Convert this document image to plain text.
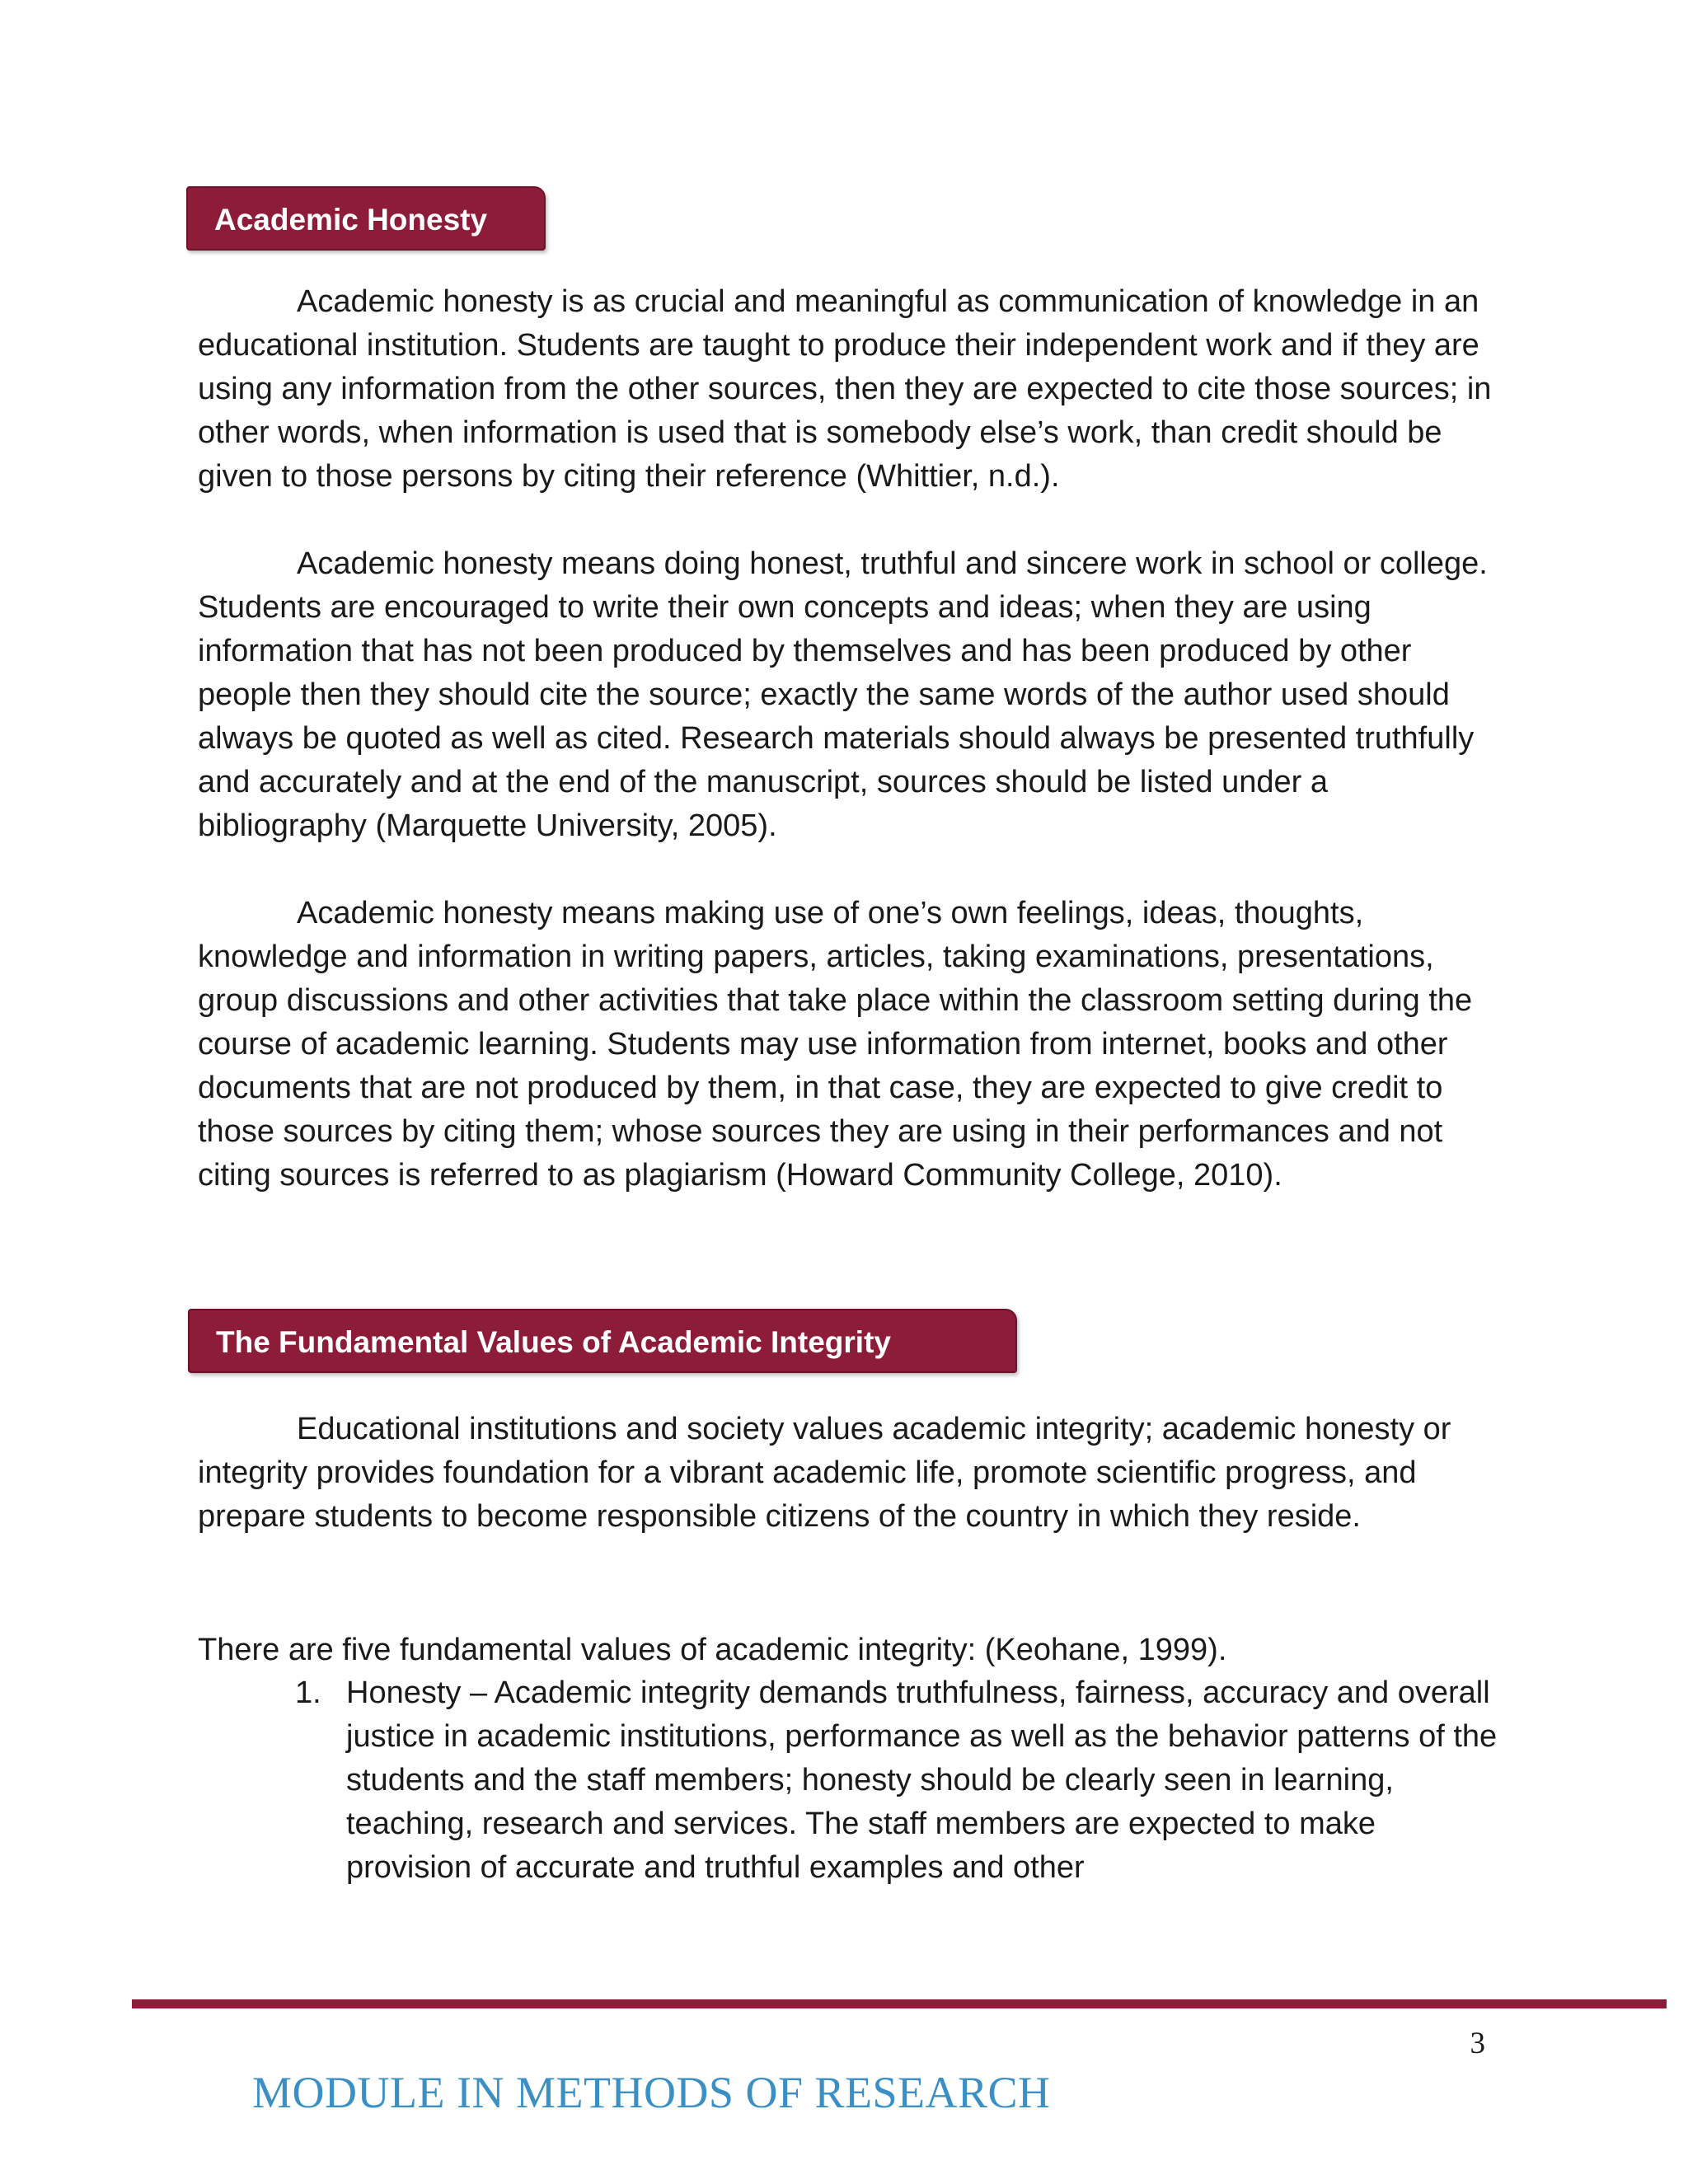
Academic Honesty

Academic honesty is as crucial and meaningful as communication of knowledge in an educational institution. Students are taught to produce their independent work and if they are using any information from the other sources, then they are expected to cite those sources; in other words, when information is used that is somebody else’s work, than credit should be given to those persons by citing their reference (Whittier, n.d.).

Academic honesty means doing honest, truthful and sincere work in school or college. Students are encouraged to write their own concepts and ideas; when they are using information that has not been produced by themselves and has been produced by other people then they should cite the source; exactly the same words of the author used should always be quoted as well as cited. Research materials should always be presented truthfully and accurately and at the end of the manuscript, sources should be listed under a bibliography (Marquette University, 2005).

Academic honesty means making use of one’s own feelings, ideas, thoughts, knowledge and information in writing papers, articles, taking examinations, presentations, group discussions and other activities that take place within the classroom setting during the course of academic learning. Students may use information from internet, books and other documents that are not produced by them, in that case, they are expected to give credit to those sources by citing them; whose sources they are using in their performances and not citing sources is referred to as plagiarism (Howard Community College, 2010).

The Fundamental Values of Academic Integrity

Educational institutions and society values academic integrity; academic honesty or integrity provides foundation for a vibrant academic life, promote scientific progress, and prepare students to become responsible citizens of the country in which they reside.

There are five fundamental values of academic integrity: (Keohane, 1999).

1. Honesty – Academic integrity demands truthfulness, fairness, accuracy and overall justice in academic institutions, performance as well as the behavior patterns of the students and the staff members; honesty should be clearly seen in learning, teaching, research and services. The staff members are expected to make provision of accurate and truthful examples and other
3
MODULE IN METHODS OF RESEARCH
